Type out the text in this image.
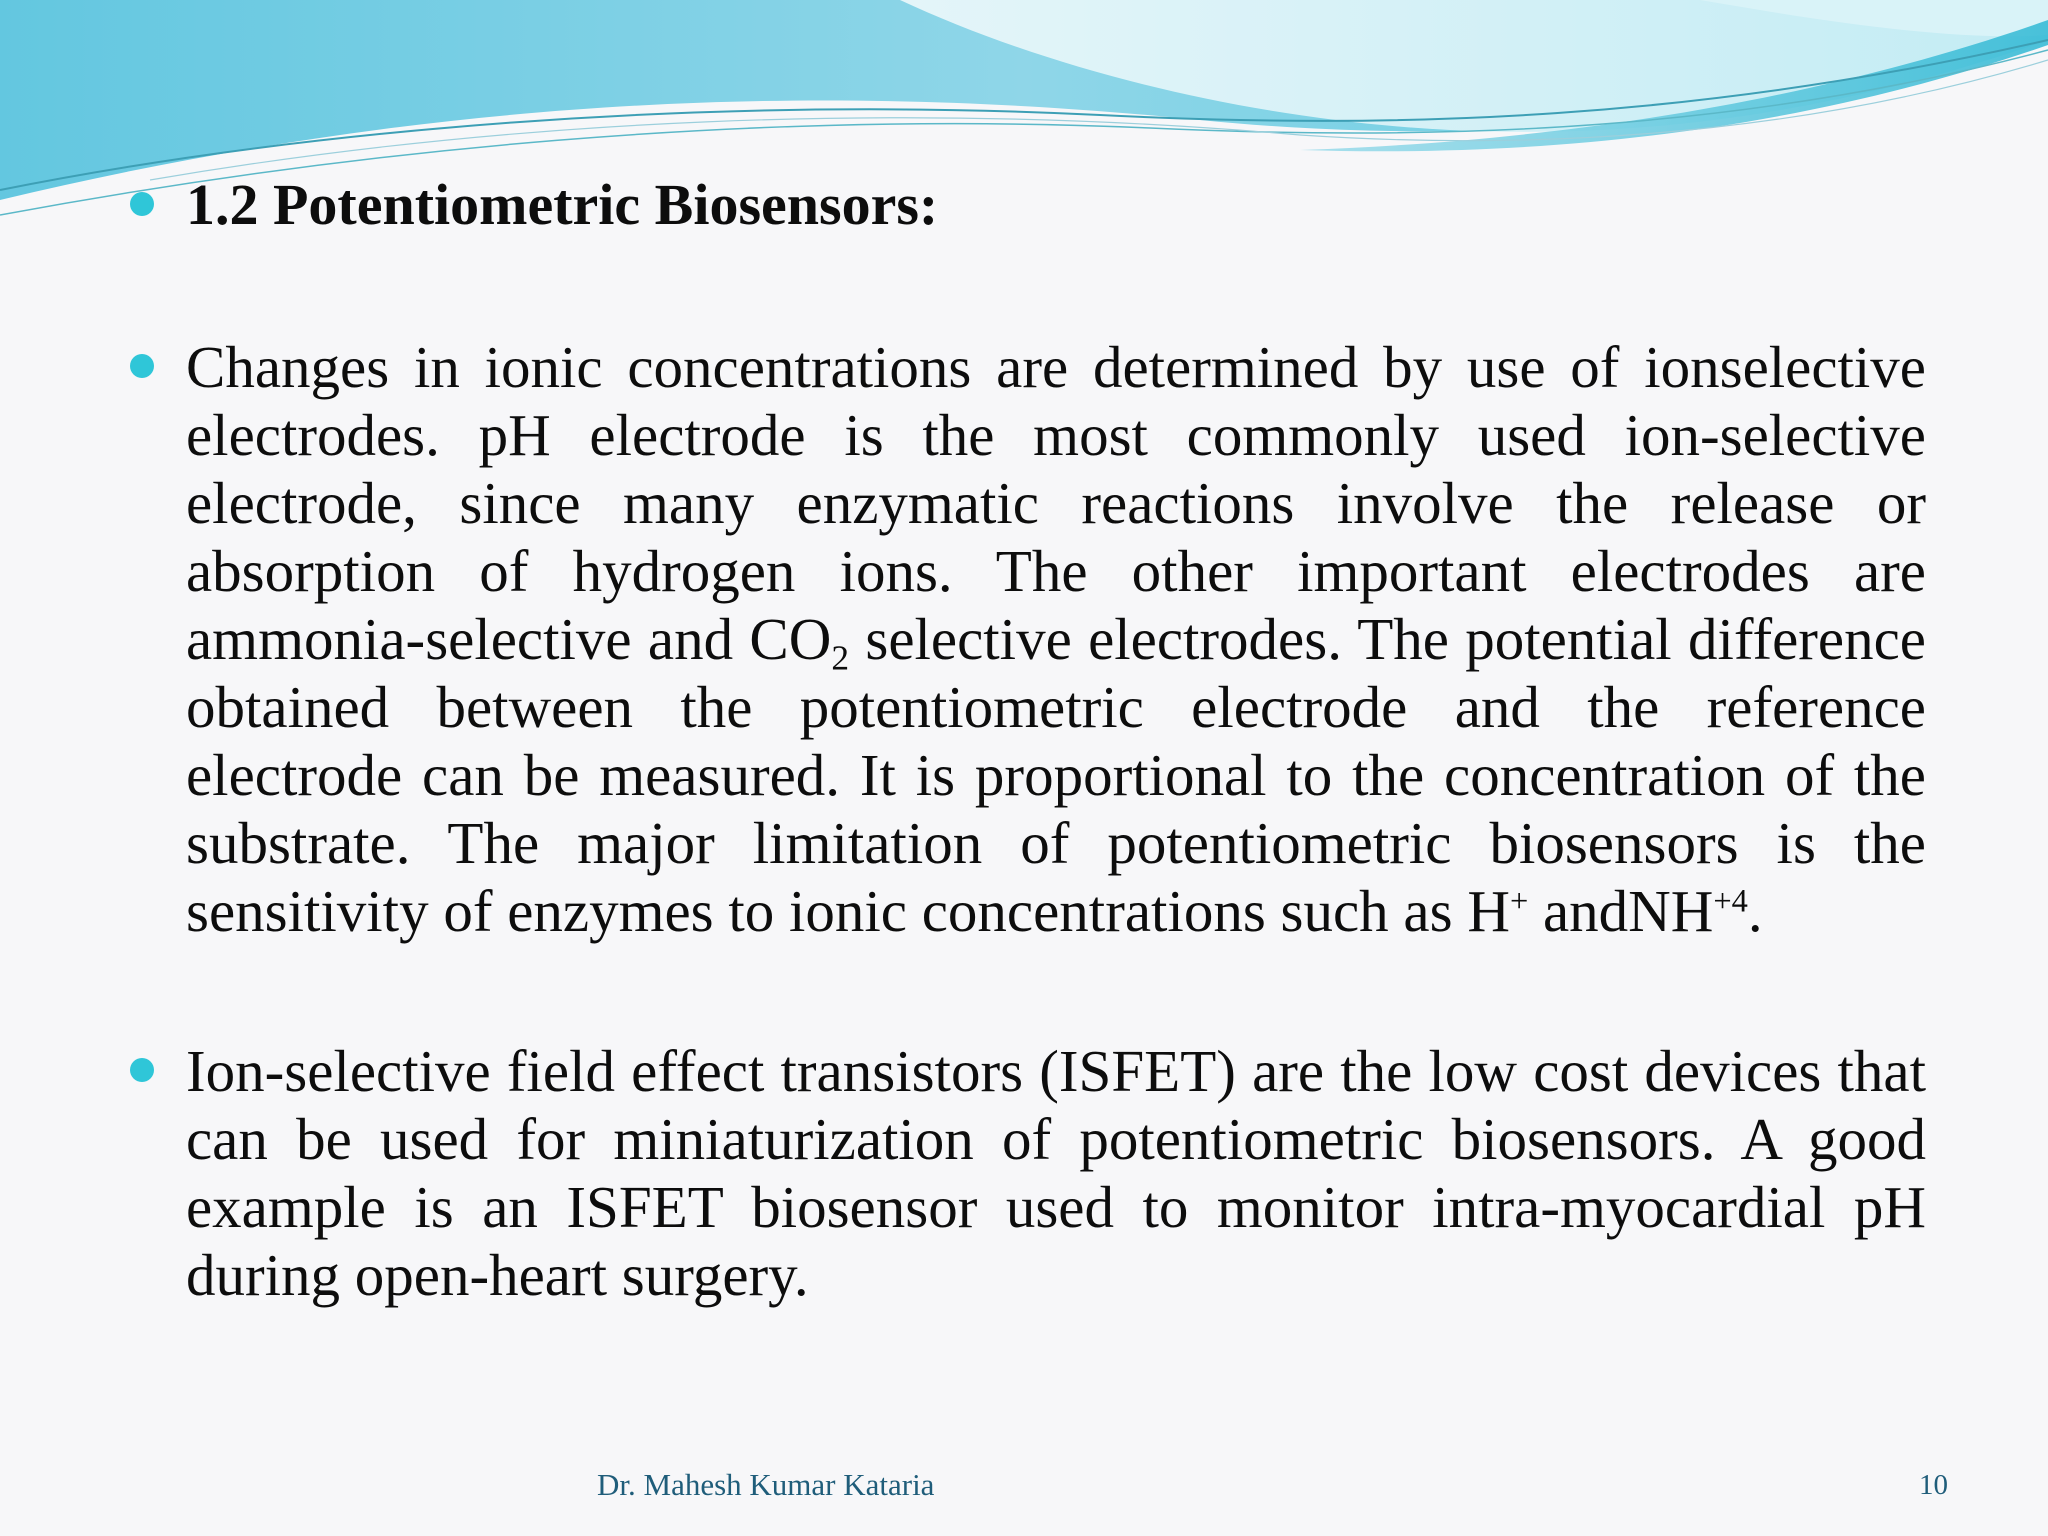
1.2 Potentiometric Biosensors:
Changes in ionic concentrations are determined by use of ionselective electrodes. pH electrode is the most commonly used ion-selective electrode, since many enzymatic reactions involve the release or absorption of hydrogen ions. The other important electrodes are ammonia-selective and $CO_2$ selective electrodes. The potential difference obtained between the potentiometric electrode and the reference electrode can be measured. It is proportional to the concentration of the substrate. The major limitation of potentiometric biosensors is the sensitivity of enzymes to ionic concentrations such as H+ andNH$^{+4}$.
Ion-selective field effect transistors (ISFET) are the low cost devices that can be used for miniaturization of potentiometric biosensors. A good example is an ISFET biosensor used to monitor intra-myocardial pH during open-heart surgery.
Dr. Mahesh Kumar Kataria	10
